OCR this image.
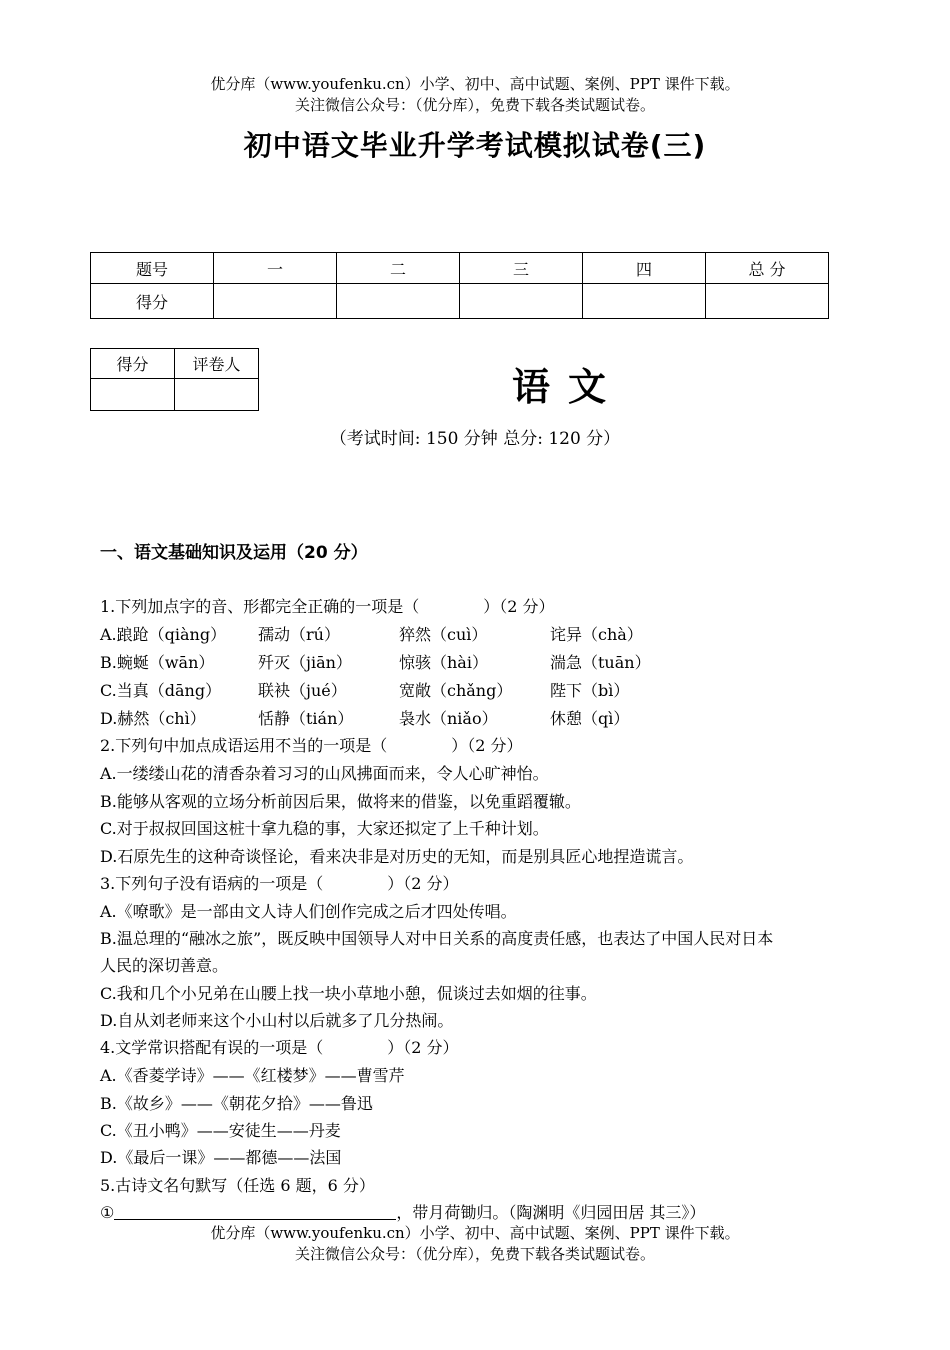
优分库（www.youfenku.cn）小学、初中、高中试题、案例、PPT 课件下载。
关注微信公众号：（优分库），免费下载各类试题试卷。
初中语文毕业升学考试模拟试卷(三)
题号	一	二	三	四	总 分
得分					
得分	评卷人
		语文
（考试时间: 150 分钟 总分: 120 分）
一、语文基础知识及运用（20 分）
1.下列加点字的音、形都完全正确的一项是（　　　　）（2 分）
A.踉跄（qiàng） 孺动（rú）	猝然（cuì）	诧异（chà）
B.蜿蜒（wān）	歼灭（jiān）	惊骇（hài）	湍急（tuān）
C.当真（dāng） 联袂（jué）	宽敞（chǎng） 陛下（bì）
D.赫然（chì）	恬静（tián）	袅水（niǎo）	休憩（qì）
2.下列句中加点成语运用不当的一项是（　　　　）（2 分）
A.一缕缕山花的清香杂着习习的山风拂面而来，令人心旷神怡。
B.能够从客观的立场分析前因后果，做将来的借鉴，以免重蹈覆辙。
C.对于叔叔回国这桩十拿九稳的事，大家还拟定了上千种计划。
D.石原先生的这种奇谈怪论，看来决非是对历史的无知，而是别具匠心地捏造谎言。
3.下列句子没有语病的一项是（　　　　）（2 分）
A.《嘹歌》是一部由文人诗人们创作完成之后才四处传唱。
B.温总理的“融冰之旅”，既反映中国领导人对中日关系的高度责任感，也表达了中国人民对日本
人民的深切善意。
C.我和几个小兄弟在山腰上找一块小草地小憩，侃谈过去如烟的往事。
D.自从刘老师来这个小山村以后就多了几分热闹。
4.文学常识搭配有误的一项是（　　　　）（2 分）
A.《香菱学诗》——《红楼梦》——曹雪芹
B.《故乡》——《朝花夕拾》——鲁迅
C.《丑小鸭》——安徒生——丹麦
D.《最后一课》——都德——法国
5.古诗文名句默写（任选 6 题，6 分）
①	，带月荷锄归。（陶渊明《归园田居 其三》）
优分库（www.youfenku.cn）小学、初中、高中试题、案例、PPT 课件下载。
关注微信公众号：（优分库），免费下载各类试题试卷。
